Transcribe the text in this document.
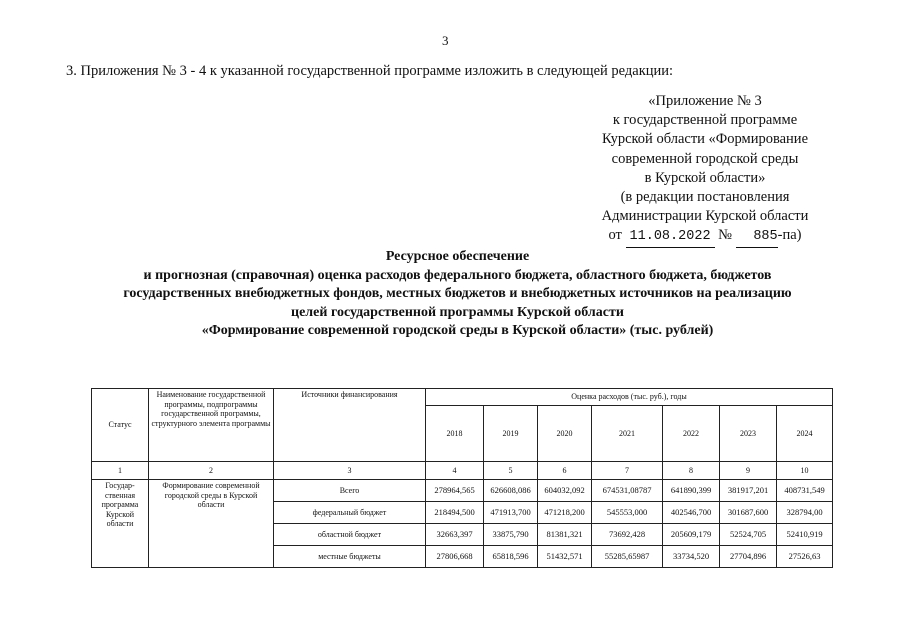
3
3. Приложения № 3 - 4 к указанной государственной программе изложить в следующей редакции:
«Приложение № 3
к государственной программе
Курской области «Формирование
современной городской среды
в Курской области»
(в редакции постановления
Администрации Курской области
от 11.08.2022 № 885-па)
Ресурсное обеспечение
и прогнозная (справочная) оценка расходов федерального бюджета, областного бюджета, бюджетов
государственных внебюджетных фондов, местных бюджетов и внебюджетных источников на реализацию
целей государственной программы Курской области
«Формирование современной городской среды в Курской области» (тыс. рублей)
Статус	Наименование государственной программы, подпрограммы государственной программы, структурного элемента программы	Источники финансирования	Оценка расходов (тыс. руб.), годы						
			2018	2019	2020	2021	2022	2023	2024
1	2	3	4	5	6	7	8	9	10
Государ-ственная программа Курской области	Формирование современной городской среды в Курской области	Всего	278964,565	626608,086	604032,092	674531,08787	641890,399	381917,201	408731,549
		федеральный бюджет	218494,500	471913,700	471218,200	545553,000	402546,700	301687,600	328794,00
		областной бюджет	32663,397	33875,790	81381,321	73692,428	205609,179	52524,705	52410,919
		местные бюджеты	27806,668	65818,596	51432,571	55285,65987	33734,520	27704,896	27526,63
